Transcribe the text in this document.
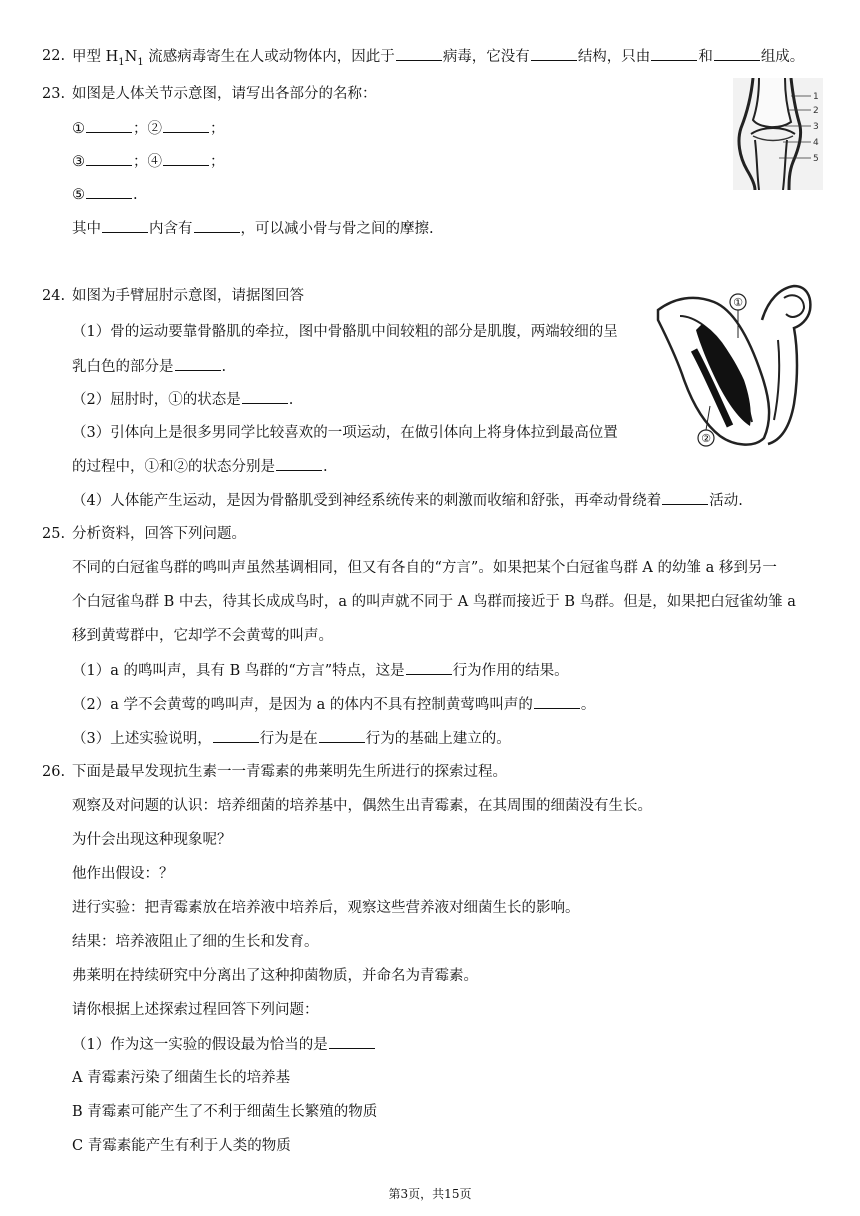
22. 甲型 $H_1N_1$ 流感病毒寄生在人或动物体内，因此于	病毒，它没有	结构，只由	和	组成。
23. 如图是人体关节示意图，请写出各部分的名称：
①	；②	；
③	；④	；
⑤	.
其中	内含有	，可以减小骨与骨之间的摩擦.
1
2
3
4
5
24. 如图为手臂屈肘示意图，请据图回答
（1）骨的运动要靠骨骼肌的牵拉，图中骨骼肌中间较粗的部分是肌腹，两端较细的呈
乳白色的部分是	.
（2）屈肘时，①的状态是	.
（3）引体向上是很多男同学比较喜欢的一项运动，在做引体向上将身体拉到最高位置
的过程中，①和②的状态分别是	.
（4）人体能产生运动，是因为骨骼肌受到神经系统传来的刺激而收缩和舒张，再牵动骨绕着	活动.
①
②
25. 分析资料，回答下列问题。
不同的白冠雀鸟群的鸣叫声虽然基调相同，但又有各自的“方言”。如果把某个白冠雀鸟群 A 的幼雏 a 移到另一
个白冠雀鸟群 B 中去，待其长成成鸟时，a 的叫声就不同于 A 鸟群而接近于 B 鸟群。但是，如果把白冠雀幼雏 a
移到黄莺群中，它却学不会黄莺的叫声。
（1）a 的鸣叫声，具有 B 鸟群的“方言”特点，这是	行为作用的结果。
（2）a 学不会黄莺的鸣叫声，是因为 a 的体内不具有控制黄莺鸣叫声的	。
（3）上述实验说明，	行为是在	行为的基础上建立的。
26. 下面是最早发现抗生素一一青霉素的弗莱明先生所进行的探索过程。
观察及对问题的认识：培养细菌的培养基中，偶然生出青霉素，在其周围的细菌没有生长。
为什会出现这种现象呢？
他作出假设：？
进行实验：把青霉素放在培养液中培养后，观察这些营养液对细菌生长的影响。
结果：培养液阻止了细的生长和发育。
弗莱明在持续研究中分离出了这种抑菌物质，并命名为青霉素。
请你根据上述探索过程回答下列问题：
（1）作为这一实验的假设最为恰当的是
A 青霉素污染了细菌生长的培养基
B 青霉素可能产生了不利于细菌生长繁殖的物质
C 青霉素能产生有利于人类的物质
第3页，共15页
